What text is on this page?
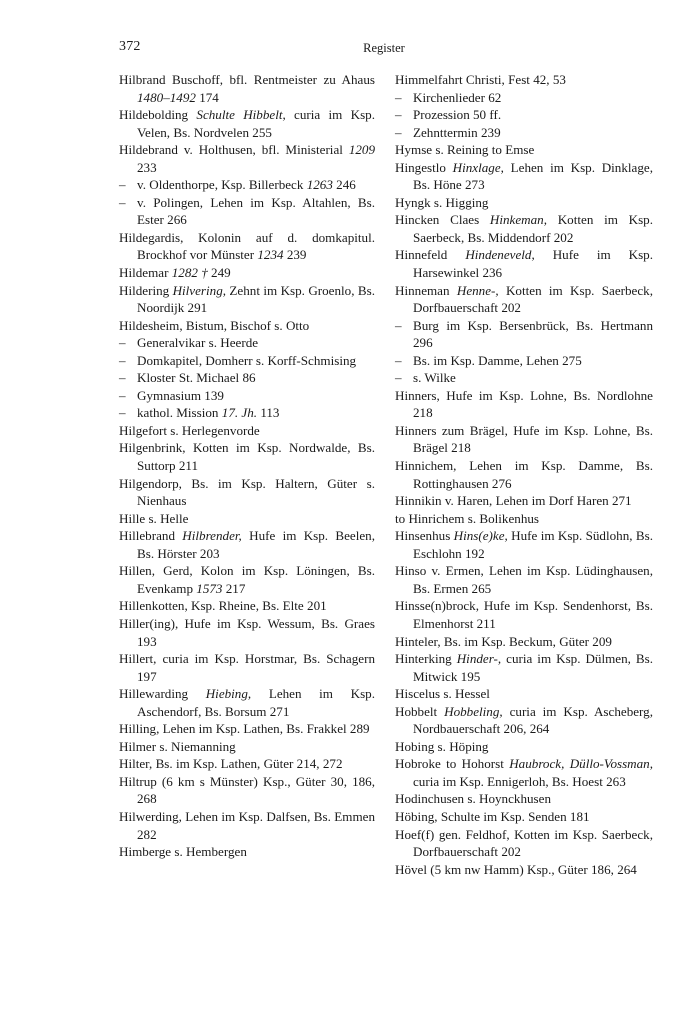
372	Register
Hilbrand Buschoff, bfl. Rentmeister zu Ahaus 1480–1492 174
Hildebolding Schulte Hibbelt, curia im Ksp. Velen, Bs. Nordvelen 255
Hildebrand v. Holthusen, bfl. Ministerial 1209 233
– v. Oldenthorpe, Ksp. Billerbeck 1263 246
– v. Polingen, Lehen im Ksp. Altahlen, Bs. Ester 266
Hildegardis, Kolonin auf d. domkapitul. Brockhof vor Münster 1234 239
Hildemar 1282 † 249
Hildering Hilvering, Zehnt im Ksp. Groenlo, Bs. Noordijk 291
Hildesheim, Bistum, Bischof s. Otto
– Generalvikar s. Heerde
– Domkapitel, Domherr s. Korff-Schmising
– Kloster St. Michael 86
– Gymnasium 139
– kathol. Mission 17. Jh. 113
Hilgefort s. Herlegenvorde
Hilgenbrink, Kotten im Ksp. Nordwalde, Bs. Suttorp 211
Hilgendorp, Bs. im Ksp. Haltern, Güter s. Nienhaus
Hille s. Helle
Hillebrand Hilbrender, Hufe im Ksp. Beelen, Bs. Hörster 203
Hillen, Gerd, Kolon im Ksp. Löningen, Bs. Evenkamp 1573 217
Hillenkotten, Ksp. Rheine, Bs. Elte 201
Hiller(ing), Hufe im Ksp. Wessum, Bs. Graes 193
Hillert, curia im Ksp. Horstmar, Bs. Schagern 197
Hillewarding Hiebing, Lehen im Ksp. Aschendorf, Bs. Borsum 271
Hilling, Lehen im Ksp. Lathen, Bs. Frakkel 289
Hilmer s. Niemanning
Hilter, Bs. im Ksp. Lathen, Güter 214, 272
Hiltrup (6 km s Münster) Ksp., Güter 30, 186, 268
Hilwerding, Lehen im Ksp. Dalfsen, Bs. Emmen 282
Himberge s. Hembergen
Himmelfahrt Christi, Fest 42, 53
– Kirchenlieder 62
– Prozession 50 ff.
– Zehnttermin 239
Hymse s. Reining to Emse
Hingestlo Hinxlage, Lehen im Ksp. Dinklage, Bs. Höne 273
Hyngk s. Higging
Hincken Claes Hinkeman, Kotten im Ksp. Saerbeck, Bs. Middendorf 202
Hinnefeld Hindeneveld, Hufe im Ksp. Harsewinkel 236
Hinneman Henne-, Kotten im Ksp. Saerbeck, Dorfbauerschaft 202
– Burg im Ksp. Bersenbrück, Bs. Hertmann 296
– Bs. im Ksp. Damme, Lehen 275
– s. Wilke
Hinners, Hufe im Ksp. Lohne, Bs. Nordlohne 218
Hinners zum Brägel, Hufe im Ksp. Lohne, Bs. Brägel 218
Hinnichem, Lehen im Ksp. Damme, Bs. Rottinghausen 276
Hinnikin v. Haren, Lehen im Dorf Haren 271
to Hinrichem s. Bolikenhus
Hinsenhus Hins(e)ke, Hufe im Ksp. Südlohn, Bs. Eschlohn 192
Hinso v. Ermen, Lehen im Ksp. Lüdinghausen, Bs. Ermen 265
Hinsse(n)brock, Hufe im Ksp. Sendenhorst, Bs. Elmenhorst 211
Hinteler, Bs. im Ksp. Beckum, Güter 209
Hinterking Hinder-, curia im Ksp. Dülmen, Bs. Mitwick 195
Hiscelus s. Hessel
Hobbelt Hobbeling, curia im Ksp. Ascheberg, Nordbauerschaft 206, 264
Hobing s. Höping
Hobroke to Hohorst Haubrock, Düllo-Vossman, curia im Ksp. Ennigerloh, Bs. Hoest 263
Hodinchusen s. Hoynckhusen
Höbing, Schulte im Ksp. Senden 181
Hoef(f) gen. Feldhof, Kotten im Ksp. Saerbeck, Dorfbauerschaft 202
Hövel (5 km nw Hamm) Ksp., Güter 186, 264
